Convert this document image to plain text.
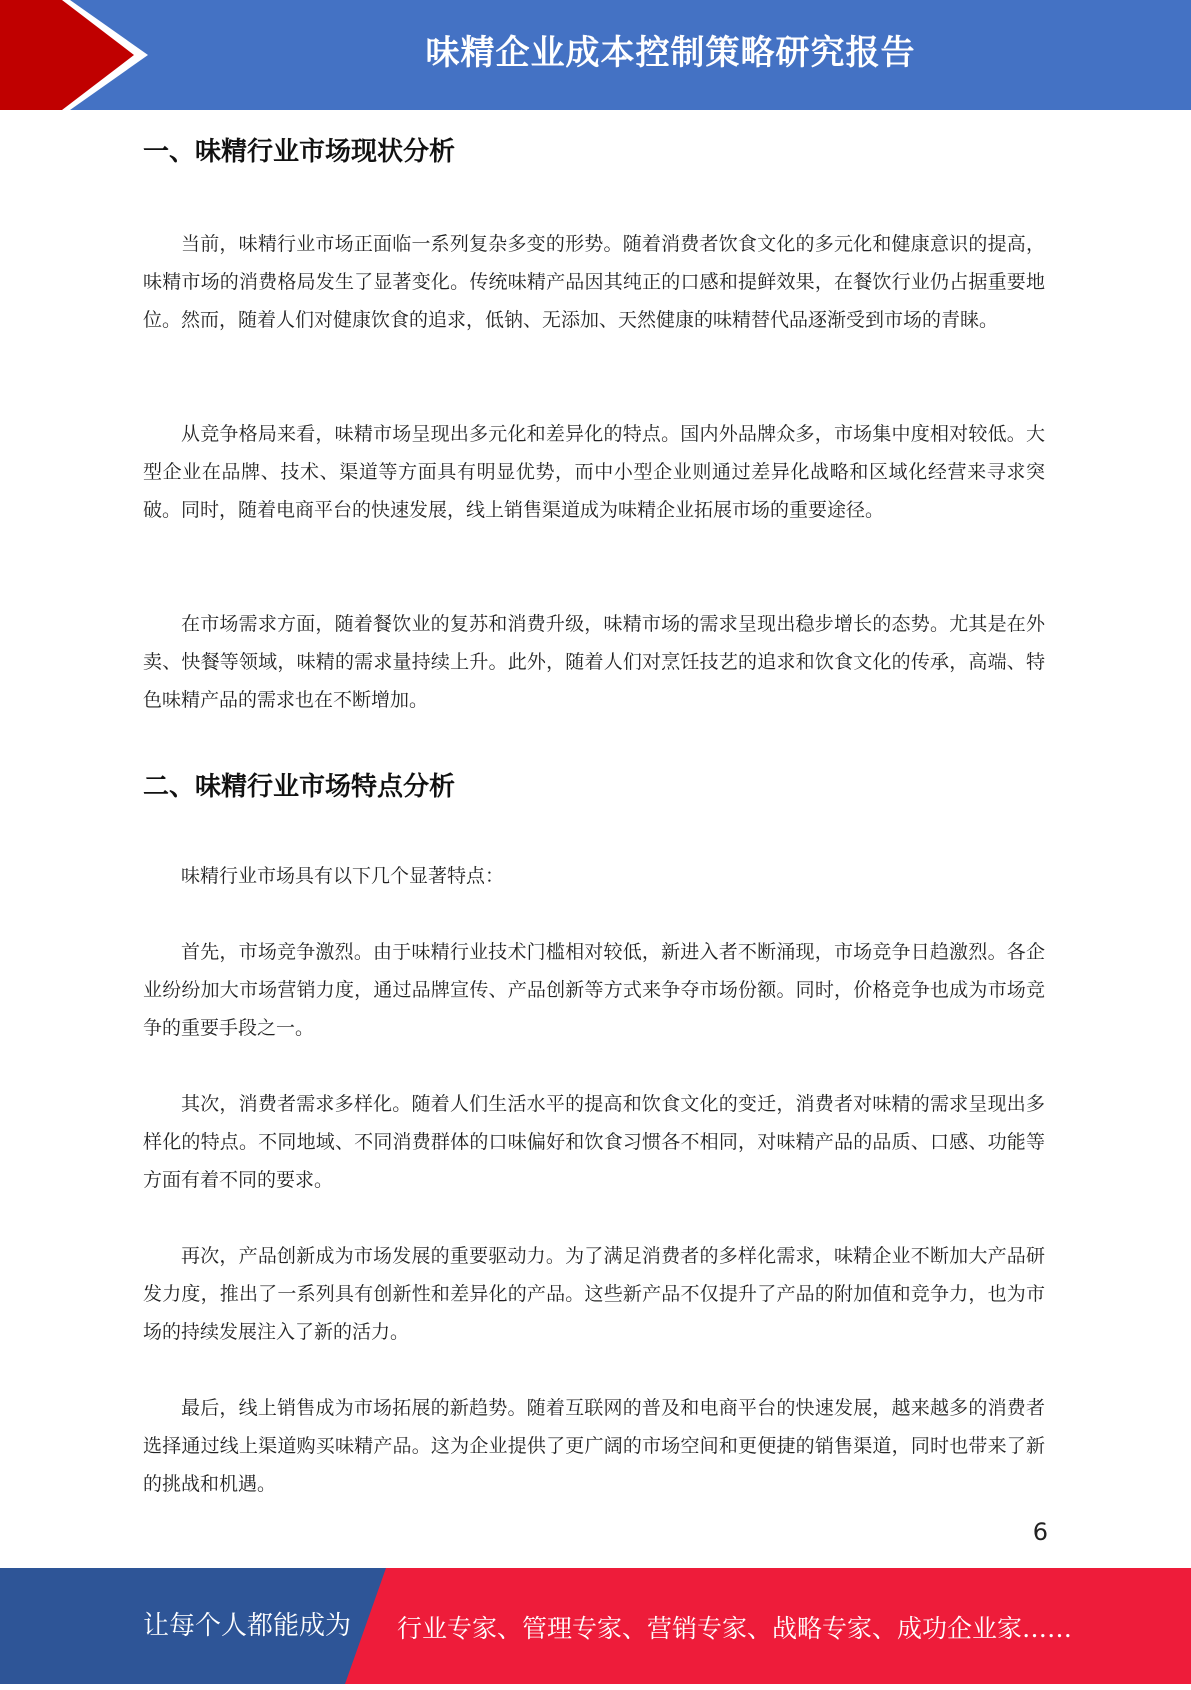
味精企业成本控制策略研究报告
一、味精行业市场现状分析

当前，味精行业市场正面临一系列复杂多变的形势。随着消费者饮食文化的多元化和健康意识的提高，味精市场的消费格局发生了显著变化。传统味精产品因其纯正的口感和提鲜效果，在餐饮行业仍占据重要地位。然而，随着人们对健康饮食的追求，低钠、无添加、天然健康的味精替代品逐渐受到市场的青睐。

从竞争格局来看，味精市场呈现出多元化和差异化的特点。国内外品牌众多，市场集中度相对较低。大型企业在品牌、技术、渠道等方面具有明显优势，而中小型企业则通过差异化战略和区域化经营来寻求突破。同时，随着电商平台的快速发展，线上销售渠道成为味精企业拓展市场的重要途径。

在市场需求方面，随着餐饮业的复苏和消费升级，味精市场的需求呈现出稳步增长的态势。尤其是在外卖、快餐等领域，味精的需求量持续上升。此外，随着人们对烹饪技艺的追求和饮食文化的传承，高端、特色味精产品的需求也在不断增加。

二、味精行业市场特点分析

味精行业市场具有以下几个显著特点：

首先，市场竞争激烈。由于味精行业技术门槛相对较低，新进入者不断涌现，市场竞争日趋激烈。各企业纷纷加大市场营销力度，通过品牌宣传、产品创新等方式来争夺市场份额。同时，价格竞争也成为市场竞争的重要手段之一。

其次，消费者需求多样化。随着人们生活水平的提高和饮食文化的变迁，消费者对味精的需求呈现出多样化的特点。不同地域、不同消费群体的口味偏好和饮食习惯各不相同，对味精产品的品质、口感、功能等方面有着不同的要求。

再次，产品创新成为市场发展的重要驱动力。为了满足消费者的多样化需求，味精企业不断加大产品研发力度，推出了一系列具有创新性和差异化的产品。这些新产品不仅提升了产品的附加值和竞争力，也为市场的持续发展注入了新的活力。

最后，线上销售成为市场拓展的新趋势。随着互联网的普及和电商平台的快速发展，越来越多的消费者选择通过线上渠道购买味精产品。这为企业提供了更广阔的市场空间和更便捷的销售渠道，同时也带来了新的挑战和机遇。

6
让每个人都能成为 行业专家、管理专家、营销专家、战略专家、成功企业家……
